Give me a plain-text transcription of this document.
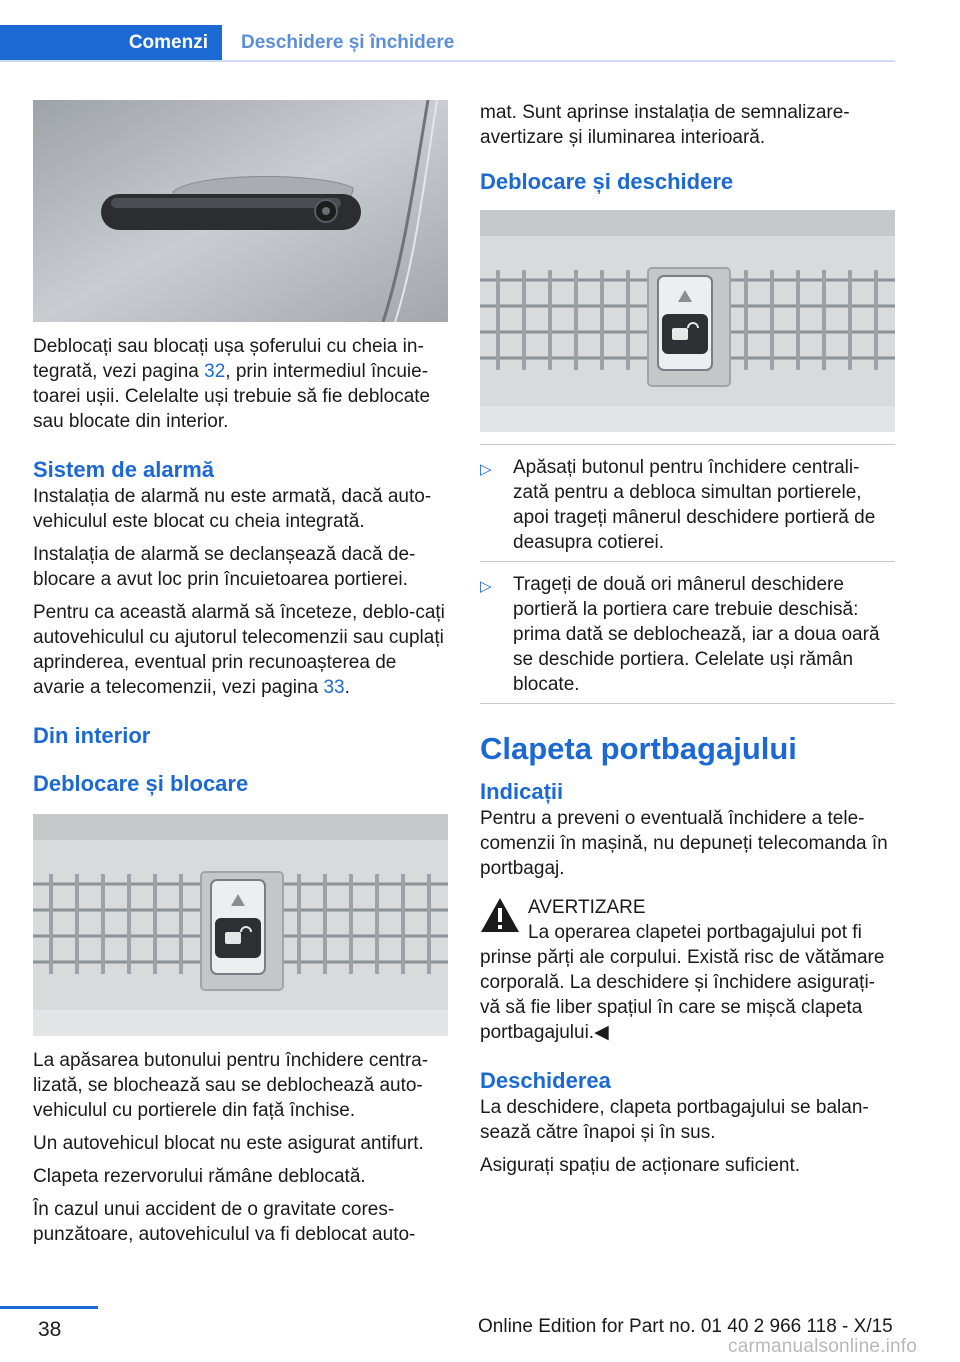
Comenzi	Deschidere și închidere

Deblocați sau blocați ușa șoferului cu cheia in‐tegrată, vezi pagina 32, prin intermediul încuie‐toarei ușii. Celelalte uși trebuie să fie deblocate sau blocate din interior.

Sistem de alarmă

Instalația de alarmă nu este armată, dacă auto‐vehiculul este blocat cu cheia integrată.

Instalația de alarmă se declanșează dacă de‐blocare a avut loc prin încuietoarea portierei.

Pentru ca această alarmă să înceteze, deblo‐cați autovehiculul cu ajutorul telecomenzii sau cuplați aprinderea, eventual prin recunoașterea de avarie a telecomenzii, vezi pagina 33.

Din interior
Deblocare și blocare

La apăsarea butonului pentru închidere centra‐lizată, se blochează sau se deblochează auto‐vehiculul cu portierele din față închise.

Un autovehicul blocat nu este asigurat antifurt.

Clapeta rezervorului rămâne deblocată.

În cazul unui accident de o gravitate cores‐punzătoare, autovehiculul va fi deblocat auto‐

mat. Sunt aprinse instalația de semnalizare-avertizare și iluminarea interioară.

Deblocare și deschidere
▷ Apăsați butonul pentru închidere centrali‐zată pentru a debloca simultan portierele, apoi trageți mânerul deschidere portieră de deasupra cotierei.
▷ Trageți de două ori mânerul deschidere portieră la portiera care trebuie deschisă: prima dată se deblochează, iar a doua oară se deschide portiera. Celelate uși rămân blocate.
Clapeta portbagajului
Indicații

Pentru a preveni o eventuală închidere a tele‐comenzii în mașină, nu depuneți telecomanda în portbagaj.

AVERTIZARE
La operarea clapetei portbagajului pot fi
prinse părți ale corpului. Există risc de vătămare corporală. La deschidere și închidere asigurați-vă să fie liber spațiul în care se mișcă clapeta portbagajului.◀
Deschiderea

La deschidere, clapeta portbagajului se balan‐sează către înapoi și în sus.

Asigurați spațiu de acționare suficient.

38	Online Edition for Part no. 01 40 2 966 118 - X/15
carmanualsonline.info
